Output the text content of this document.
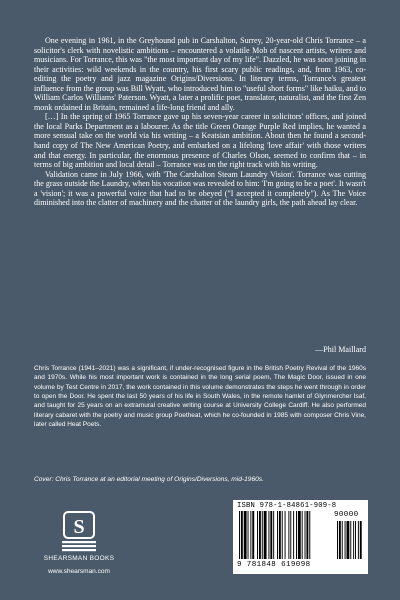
One evening in 1961, in the Greyhound pub in Carshalton, Surrey, 20-year-old Chris Torrance – a solicitor's clerk with novelistic ambitions – encountered a volatile Mob of nascent artists, writers and musicians. For Torrance, this was "the most important day of my life". Dazzled, he was soon joining in their activities: wild weekends in the country, his first scary public readings, and, from 1963, co-editing the poetry and jazz magazine Origins/Diversions. In literary terms, Torrance's greatest influence from the group was Bill Wyatt, who introduced him to "useful short forms" like haiku, and to William Carlos Williams' Paterson. Wyatt, a later a prolific poet, translator, naturalist, and the first Zen monk ordained in Britain, remained a life-long friend and ally.

[…] In the spring of 1965 Torrance gave up his seven-year career in solicitors' offices, and joined the local Parks Department as a labourer. As the title Green Orange Purple Red implies, he wanted a more sensual take on the world via his writing – a Keatsian ambition. About then he found a second-hand copy of The New American Poetry, and embarked on a lifelong 'love affair' with those writers and that energy. In particular, the enormous presence of Charles Olson, seemed to confirm that – in terms of big ambition and local detail – Torrance was on the right track with his writing.

Validation came in July 1966, with 'The Carshalton Steam Laundry Vision'. Torrance was cutting the grass outside the Laundry, when his vocation was revealed to him: 'I'm going to be a poet'. It wasn't a 'vision'; it was a powerful voice that had to be obeyed ("I accepted it completely"). As The Voice diminished into the clatter of machinery and the chatter of the laundry girls, the path ahead lay clear.

—Phil Maillard

Chris Torrance (1941–2021) was a significant, if under-recognised figure in the British Poetry Revival of the 1960s and 1970s. While his most important work is contained in the long serial poem, The Magic Door, issued in one volume by Test Centre in 2017, the work contained in this volume demonstrates the steps he went through in order to open the Door. He spent the last 50 years of his life in South Wales, in the remote hamlet of Glynmercher Isaf, and taught for 25 years on an extramural creative writing course at University College Cardiff. He also performed literary cabaret with the poetry and music group Poetheat, which he co-founded in 1985 with composer Chris Vine, later called Heat Poets.

Cover: Chris Torrance at an editorial meeting of Origins/Diversions, mid-1960s.
S
SHEARSMAN BOOKS
www.shearsman.com
ISBN 978-1-84861-909-8
9 781848 619098
90000
